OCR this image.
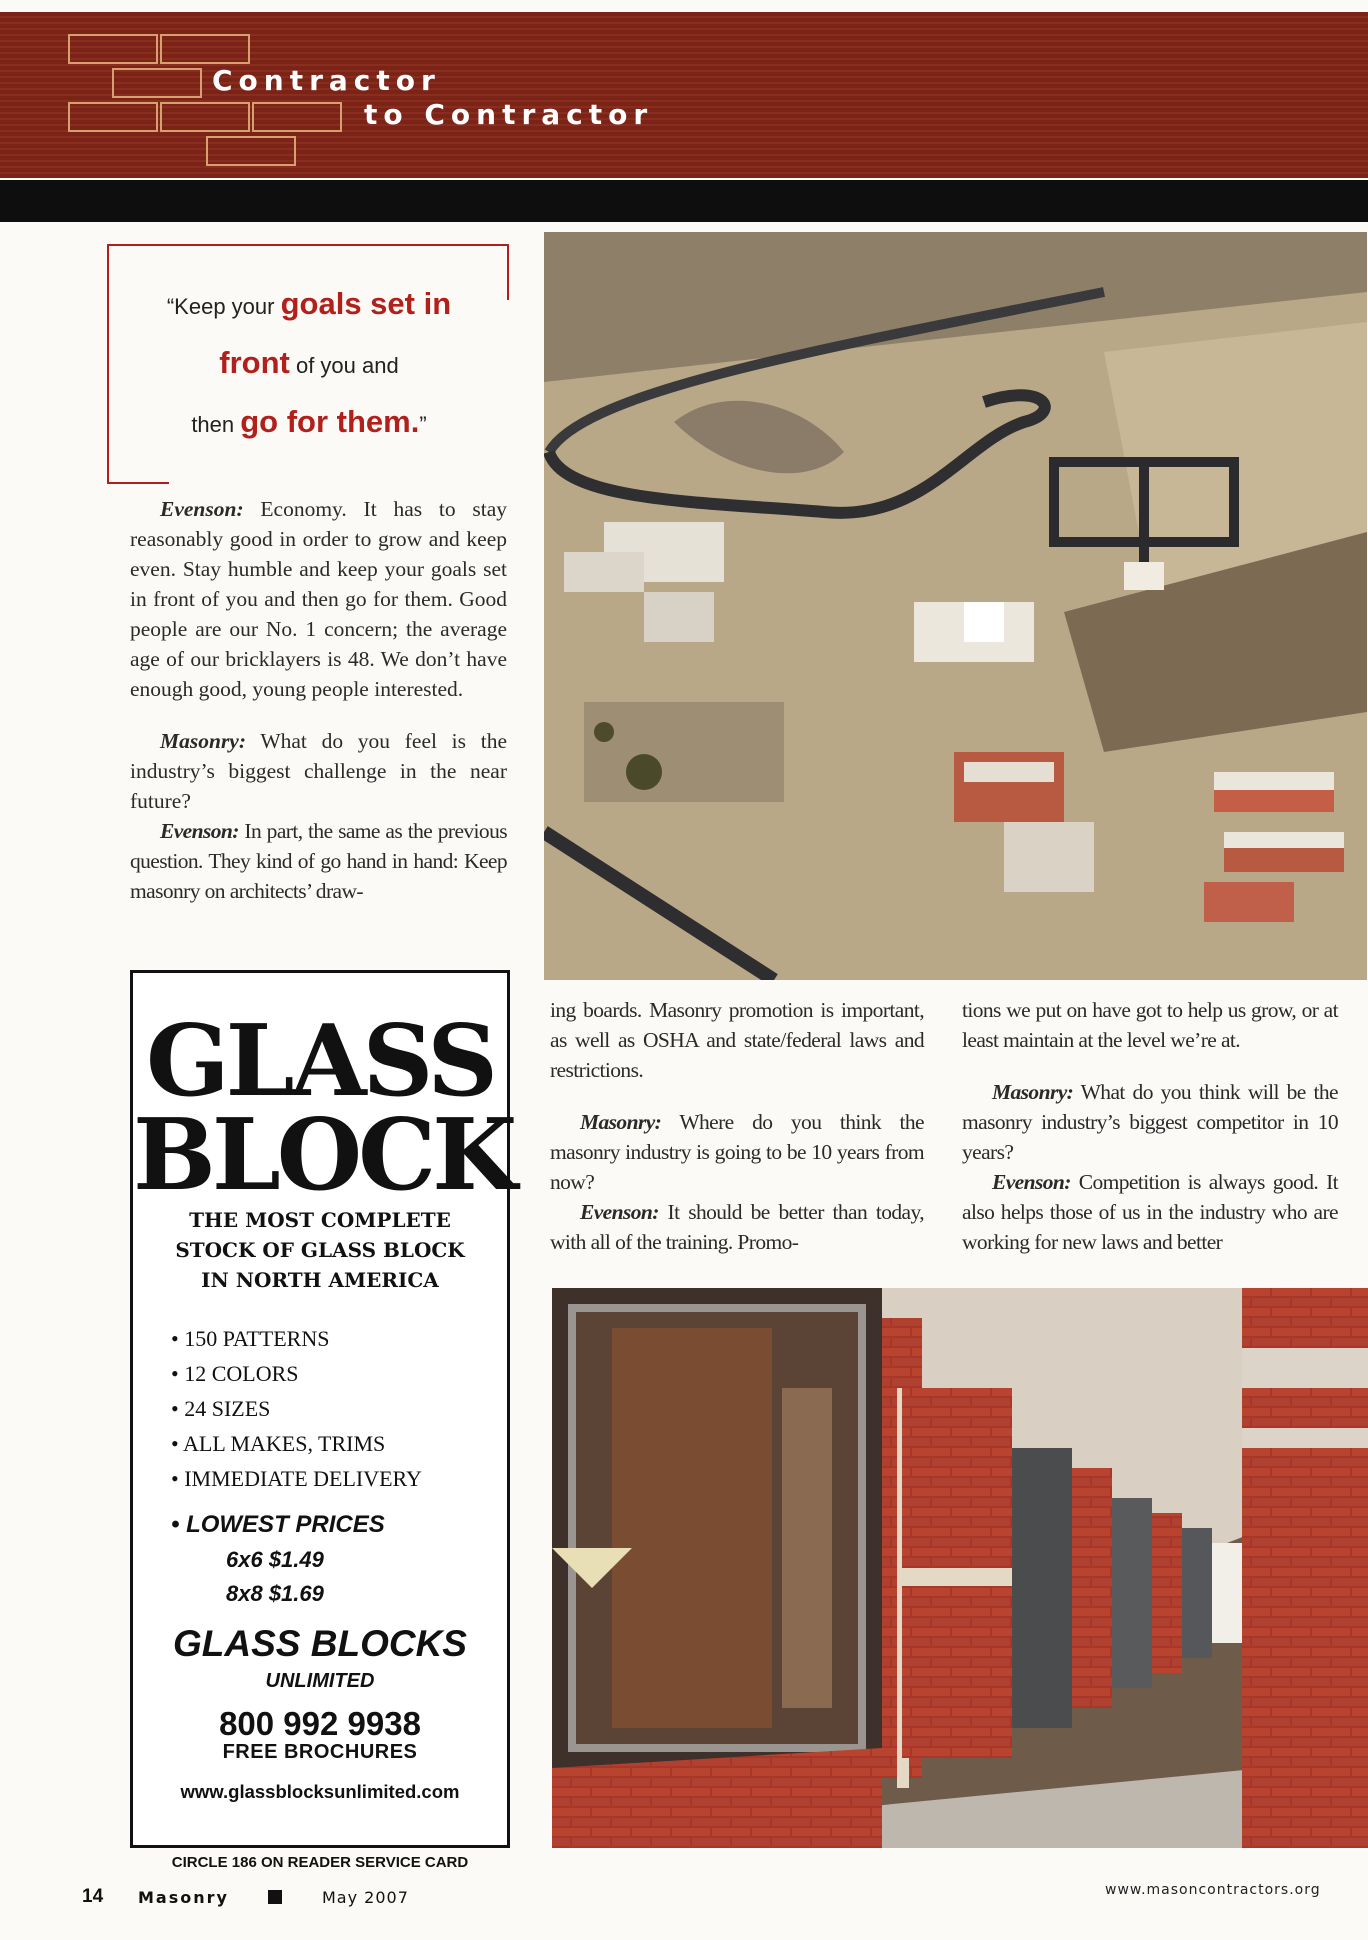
Contractor
to Contractor
“Keep your goals set in
front of you and
then go for them.”

Evenson: Economy. It has to stay reasonably good in order to grow and keep even. Stay humble and keep your goals set in front of you and then go for them. Good people are our No. 1 concern; the average age of our bricklayers is 48. We don’t have enough good, young people interested.

Masonry: What do you feel is the industry’s biggest challenge in the near future?

Evenson: In part, the same as the previous question. They kind of go hand in hand: Keep masonry on architects’ draw-

ing boards. Masonry promotion is important, as well as OSHA and state/federal laws and restrictions.

Masonry: Where do you think the masonry industry is going to be 10 years from now?

Evenson: It should be better than today, with all of the training. Promo-

tions we put on have got to help us grow, or at least maintain at the level we’re at.

Masonry: What do you think will be the masonry industry’s biggest competitor in 10 years?

Evenson: Competition is always good. It also helps those of us in the industry who are working for new laws and better

GLASS
BLOCK
THE MOST COMPLETE
STOCK OF GLASS BLOCK
IN NORTH AMERICA
• 150 PATTERNS
• 12 COLORS
• 24 SIZES
• ALL MAKES, TRIMS
• IMMEDIATE DELIVERY
• LOWEST PRICES
6x6 $1.49
8x8 $1.69
GLASS BLOCKS
UNLIMITED
800 992 9938
FREE BROCHURES
www.glassblocksunlimited.com
CIRCLE 186 ON READER SERVICE CARD
14 Masonry	May 2007	www.masoncontractors.org
